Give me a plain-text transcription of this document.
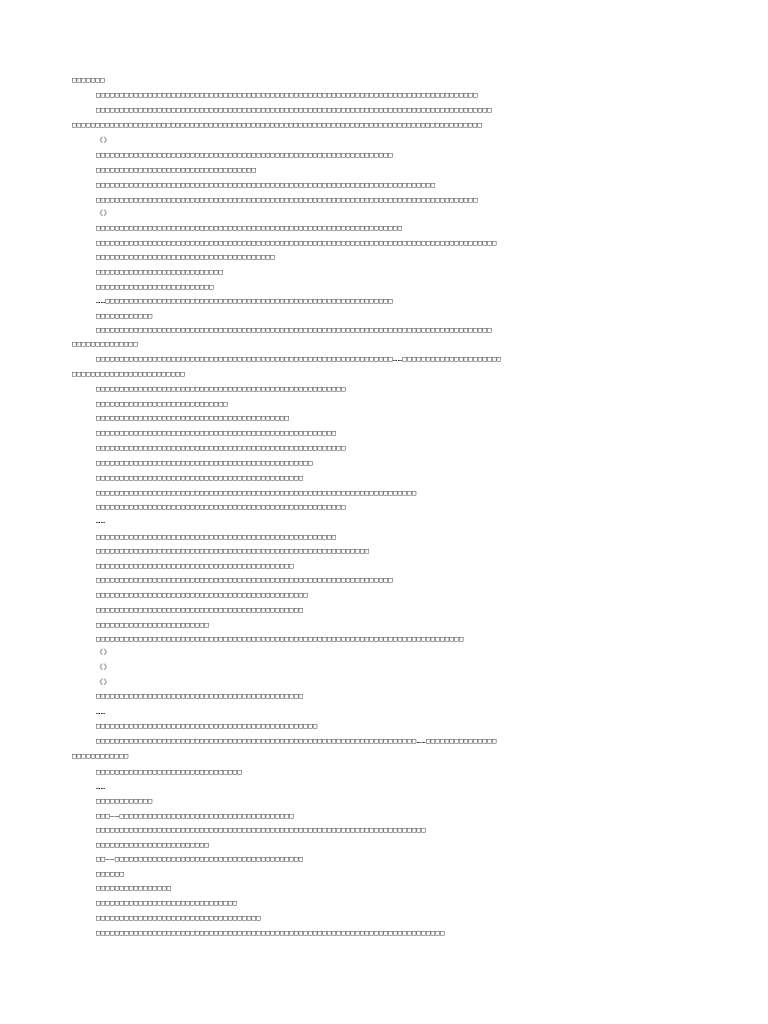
□□□□□□□
□□□□□□□□□□□□□□□□□□□□□□□□□□□□□□□□□□□□□□□□□□□□□□□□□□□□□□□□□□□□□□□□□□□□□□□□□□□□□□□□□
□□□□□□□□□□□□□□□□□□□□□□□□□□□□□□□□□□□□□□□□□□□□□□□□□□□□□□□□□□□□□□□□□□□□□□□□□□□□□□□□□□□□
□□□□□□□□□□□□□□□□□□□□□□□□□□□□□□□□□□□□□□□□□□□□□□□□□□□□□□□□□□□□□□□□□□□□□□□□□□□□□□□□□□□□□□□
《》
□□□□□□□□□□□□□□□□□□□□□□□□□□□□□□□□□□□□□□□□□□□□□□□□□□□□□□□□□□□□□□□
□□□□□□□□□□□□□□□□□□□□□□□□□□□□□□□□□□
□□□□□□□□□□□□□□□□□□□□□□□□□□□□□□□□□□□□□□□□□□□□□□□□□□□□□□□□□□□□□□□□□□□□□□□□
□□□□□□□□□□□□□□□□□□□□□□□□□□□□□□□□□□□□□□□□□□□□□□□□□□□□□□□□□□□□□□□□□□□□□□□□□□□□□□□□□
《》
□□□□□□□□□□□□□□□□□□□□□□□□□□□□□□□□□□□□□□□□□□□□□□□□□□□□□□□□□□□□□□□□□
□□□□□□□□□□□□□□□□□□□□□□□□□□□□□□□□□□□□□□□□□□□□□□□□□□□□□□□□□□□□□□□□□□□□□□□□□□□□□□□□□□□□□
□□□□□□□□□□□□□□□□□□□□□□□□□□□□□□□□□□□□□□
□□□□□□□□□□□□□□□□□□□□□□□□□□□
□□□□□□□□□□□□□□□□□□□□□□□□□
……□□□□□□□□□□□□□□□□□□□□□□□□□□□□□□□□□□□□□□□□□□□□□□□□□□□□□□□□□□□□□
□□□□□□□□□□□□
□□□□□□□□□□□□□□□□□□□□□□□□□□□□□□□□□□□□□□□□□□□□□□□□□□□□□□□□□□□□□□□□□□□□□□□□□□□□□□□□□□□□
□□□□□□□□□□□□□□
□□□□□□□□□□□□□□□□□□□□□□□□□□□□□□□□□□□□□□□□□□□□□□□□□□□□□□□□□□□□□□□……□□□□□□□□□□□□□□□□□□□□□
□□□□□□□□□□□□□□□□□□□□□□□□
□□□□□□□□□□□□□□□□□□□□□□□□□□□□□□□□□□□□□□□□□□□□□□□□□□□□□
□□□□□□□□□□□□□□□□□□□□□□□□□□□□
□□□□□□□□□□□□□□□□□□□□□□□□□□□□□□□□□□□□□□□□□
□□□□□□□□□□□□□□□□□□□□□□□□□□□□□□□□□□□□□□□□□□□□□□□□□□□
□□□□□□□□□□□□□□□□□□□□□□□□□□□□□□□□□□□□□□□□□□□□□□□□□□□□□
□□□□□□□□□□□□□□□□□□□□□□□□□□□□□□□□□□□□□□□□□□□□□□
□□□□□□□□□□□□□□□□□□□□□□□□□□□□□□□□□□□□□□□□□□□□
□□□□□□□□□□□□□□□□□□□□□□□□□□□□□□□□□□□□□□□□□□□□□□□□□□□□□□□□□□□□□□□□□□□□
□□□□□□□□□□□□□□□□□□□□□□□□□□□□□□□□□□□□□□□□□□□□□□□□□□□□□
……
□□□□□□□□□□□□□□□□□□□□□□□□□□□□□□□□□□□□□□□□□□□□□□□□□□□
□□□□□□□□□□□□□□□□□□□□□□□□□□□□□□□□□□□□□□□□□□□□□□□□□□□□□□□□□□
□□□□□□□□□□□□□□□□□□□□□□□□□□□□□□□□□□□□□□□□□□
□□□□□□□□□□□□□□□□□□□□□□□□□□□□□□□□□□□□□□□□□□□□□□□□□□□□□□□□□□□□□□□
□□□□□□□□□□□□□□□□□□□□□□□□□□□□□□□□□□□□□□□□□□□□□
□□□□□□□□□□□□□□□□□□□□□□□□□□□□□□□□□□□□□□□□□□□□
□□□□□□□□□□□□□□□□□□□□□□□□
□□□□□□□□□□□□□□□□□□□□□□□□□□□□□□□□□□□□□□□□□□□□□□□□□□□□□□□□□□□□□□□□□□□□□□□□□□□□□□
《》
《》
《》
□□□□□□□□□□□□□□□□□□□□□□□□□□□□□□□□□□□□□□□□□□□□
……
□□□□□□□□□□□□□□□□□□□□□□□□□□□□□□□□□□□□□□□□□□□□□□□
□□□□□□□□□□□□□□□□□□□□□□□□□□□□□□□□□□□□□□□□□□□□□□□□□□□□□□□□□□□□□□□□□□□□……□□□□□□□□□□□□□□□
□□□□□□□□□□□□
□□□□□□□□□□□□□□□□□□□□□□□□□□□□□□□
……
□□□□□□□□□□□□
□□□——□□□□□□□□□□□□□□□□□□□□□□□□□□□□□□□□□□□□□
□□□□□□□□□□□□□□□□□□□□□□□□□□□□□□□□□□□□□□□□□□□□□□□□□□□□□□□□□□□□□□□□□□□□□□
□□□□□□□□□□□□□□□□□□□□□□□□
□□——□□□□□□□□□□□□□□□□□□□□□□□□□□□□□□□□□□□□□□□□
□□□□□□
□□□□□□□□□□□□□□□□
□□□□□□□□□□□□□□□□□□□□□□□□□□□□□□
□□□□□□□□□□□□□□□□□□□□□□□□□□□□□□□□□□□
□□□□□□□□□□□□□□□□□□□□□□□□□□□□□□□□□□□□□□□□□□□□□□□□□□□□□□□□□□□□□□□□□□□□□□□□□□
